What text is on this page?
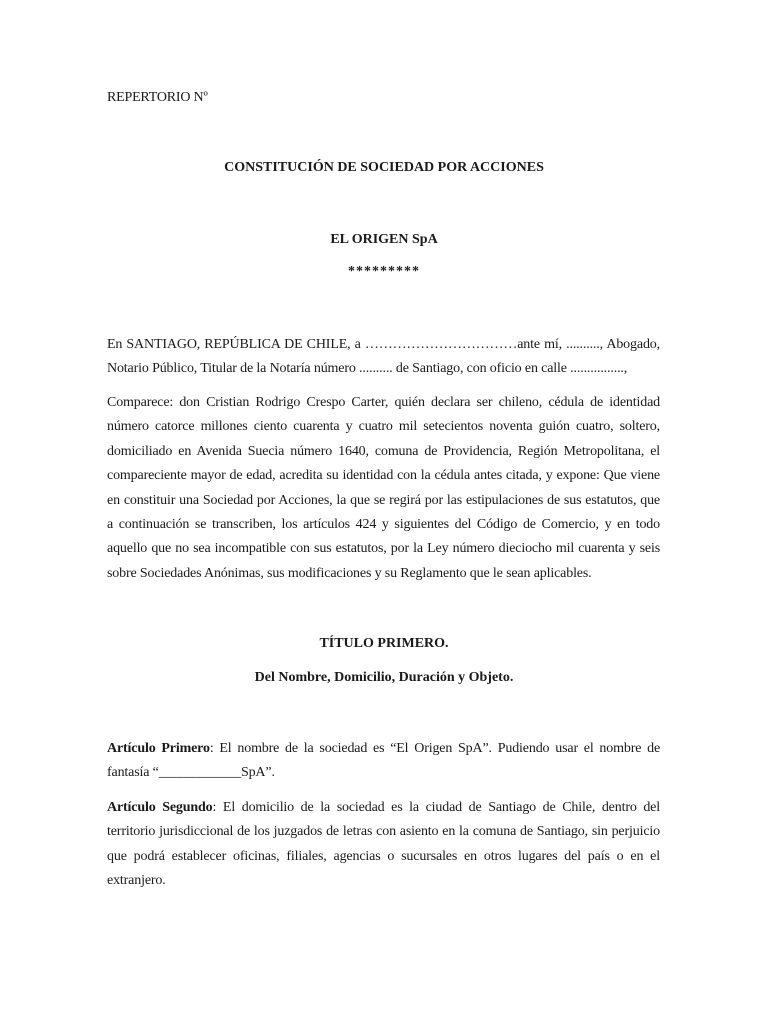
REPERTORIO Nº
CONSTITUCIÓN DE SOCIEDAD POR ACCIONES
EL ORIGEN SpA
*********
En SANTIAGO, REPÚBLICA DE CHILE, a ……………………………ante mí, .........., Abogado, Notario Público, Titular de la Notaría número .......... de Santiago, con oficio en calle ................,
Comparece: don Cristian Rodrigo Crespo Carter, quién declara ser chileno, cédula de identidad número catorce millones ciento cuarenta y cuatro mil setecientos noventa guión cuatro, soltero, domiciliado en Avenida Suecia número 1640, comuna de Providencia, Región Metropolitana, el compareciente mayor de edad, acredita su identidad con la cédula antes citada, y expone: Que viene en constituir una Sociedad por Acciones, la que se regirá por las estipulaciones de sus estatutos, que a continuación se transcriben, los artículos 424 y siguientes del Código de Comercio, y en todo aquello que no sea incompatible con sus estatutos, por la Ley número dieciocho mil cuarenta y seis sobre Sociedades Anónimas, sus modificaciones y su Reglamento que le sean aplicables.
TÍTULO PRIMERO.
Del Nombre, Domicilio, Duración y Objeto.
Artículo Primero: El nombre de la sociedad es “El Origen SpA”. Pudiendo usar el nombre de fantasía “____________SpA”.
Artículo Segundo: El domicilio de la sociedad es la ciudad de Santiago de Chile, dentro del territorio jurisdiccional de los juzgados de letras con asiento en la comuna de Santiago, sin perjuicio que podrá establecer oficinas, filiales, agencias o sucursales en otros lugares del país o en el extranjero.
